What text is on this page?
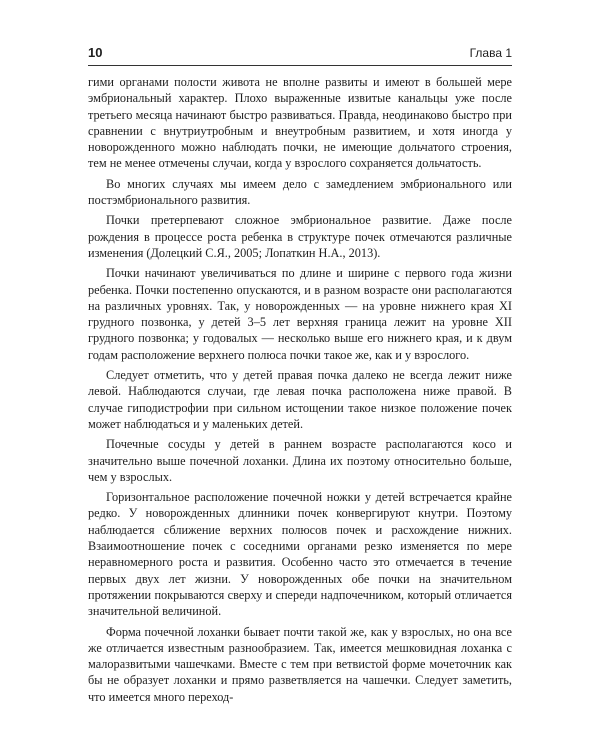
10	Глава 1

гими органами полости живота не вполне развиты и имеют в большей мере эмбриональный характер. Плохо выраженные извитые канальцы уже после третьего месяца начинают быстро развиваться. Правда, неодинаково быстро при сравнении с внутриутробным и внеутробным развитием, и хотя иногда у новорожденного можно наблюдать почки, не имеющие дольчатого строения, тем не менее отмечены случаи, когда у взрослого сохраняется дольчатость.

Во многих случаях мы имеем дело с замедлением эмбрионального или постэмбрионального развития.

Почки претерпевают сложное эмбриональное развитие. Даже после рождения в процессе роста ребенка в структуре почек отмечаются различные изменения (Долецкий С.Я., 2005; Лопаткин Н.А., 2013).

Почки начинают увеличиваться по длине и ширине с первого года жизни ребенка. Почки постепенно опускаются, и в разном возрасте они располагаются на различных уровнях. Так, у новорожденных — на уровне нижнего края XI грудного позвонка, у детей 3–5 лет верхняя граница лежит на уровне XII грудного позвонка; у годовалых — несколько выше его нижнего края, и к двум годам расположение верхнего полюса почки такое же, как и у взрослого.

Следует отметить, что у детей правая почка далеко не всегда лежит ниже левой. Наблюдаются случаи, где левая почка расположена ниже правой. В случае гиподистрофии при сильном истощении такое низкое положение почек может наблюдаться и у маленьких детей.

Почечные сосуды у детей в раннем возрасте располагаются косо и значительно выше почечной лоханки. Длина их поэтому относительно больше, чем у взрослых.

Горизонтальное расположение почечной ножки у детей встречается крайне редко. У новорожденных длинники почек конвергируют кнутри. Поэтому наблюдается сближение верхних полюсов почек и расхождение нижних. Взаимоотношение почек с соседними органами резко изменяется по мере неравномерного роста и развития. Особенно часто это отмечается в течение первых двух лет жизни. У новорожденных обе почки на значительном протяжении покрываются сверху и спереди надпочечником, который отличается значительной величиной.

Форма почечной лоханки бывает почти такой же, как у взрослых, но она все же отличается известным разнообразием. Так, имеется мешковидная лоханка с малоразвитыми чашечками. Вместе с тем при ветвистой форме мочеточник как бы не образует лоханки и прямо разветвляется на чашечки. Следует заметить, что имеется много переход-
